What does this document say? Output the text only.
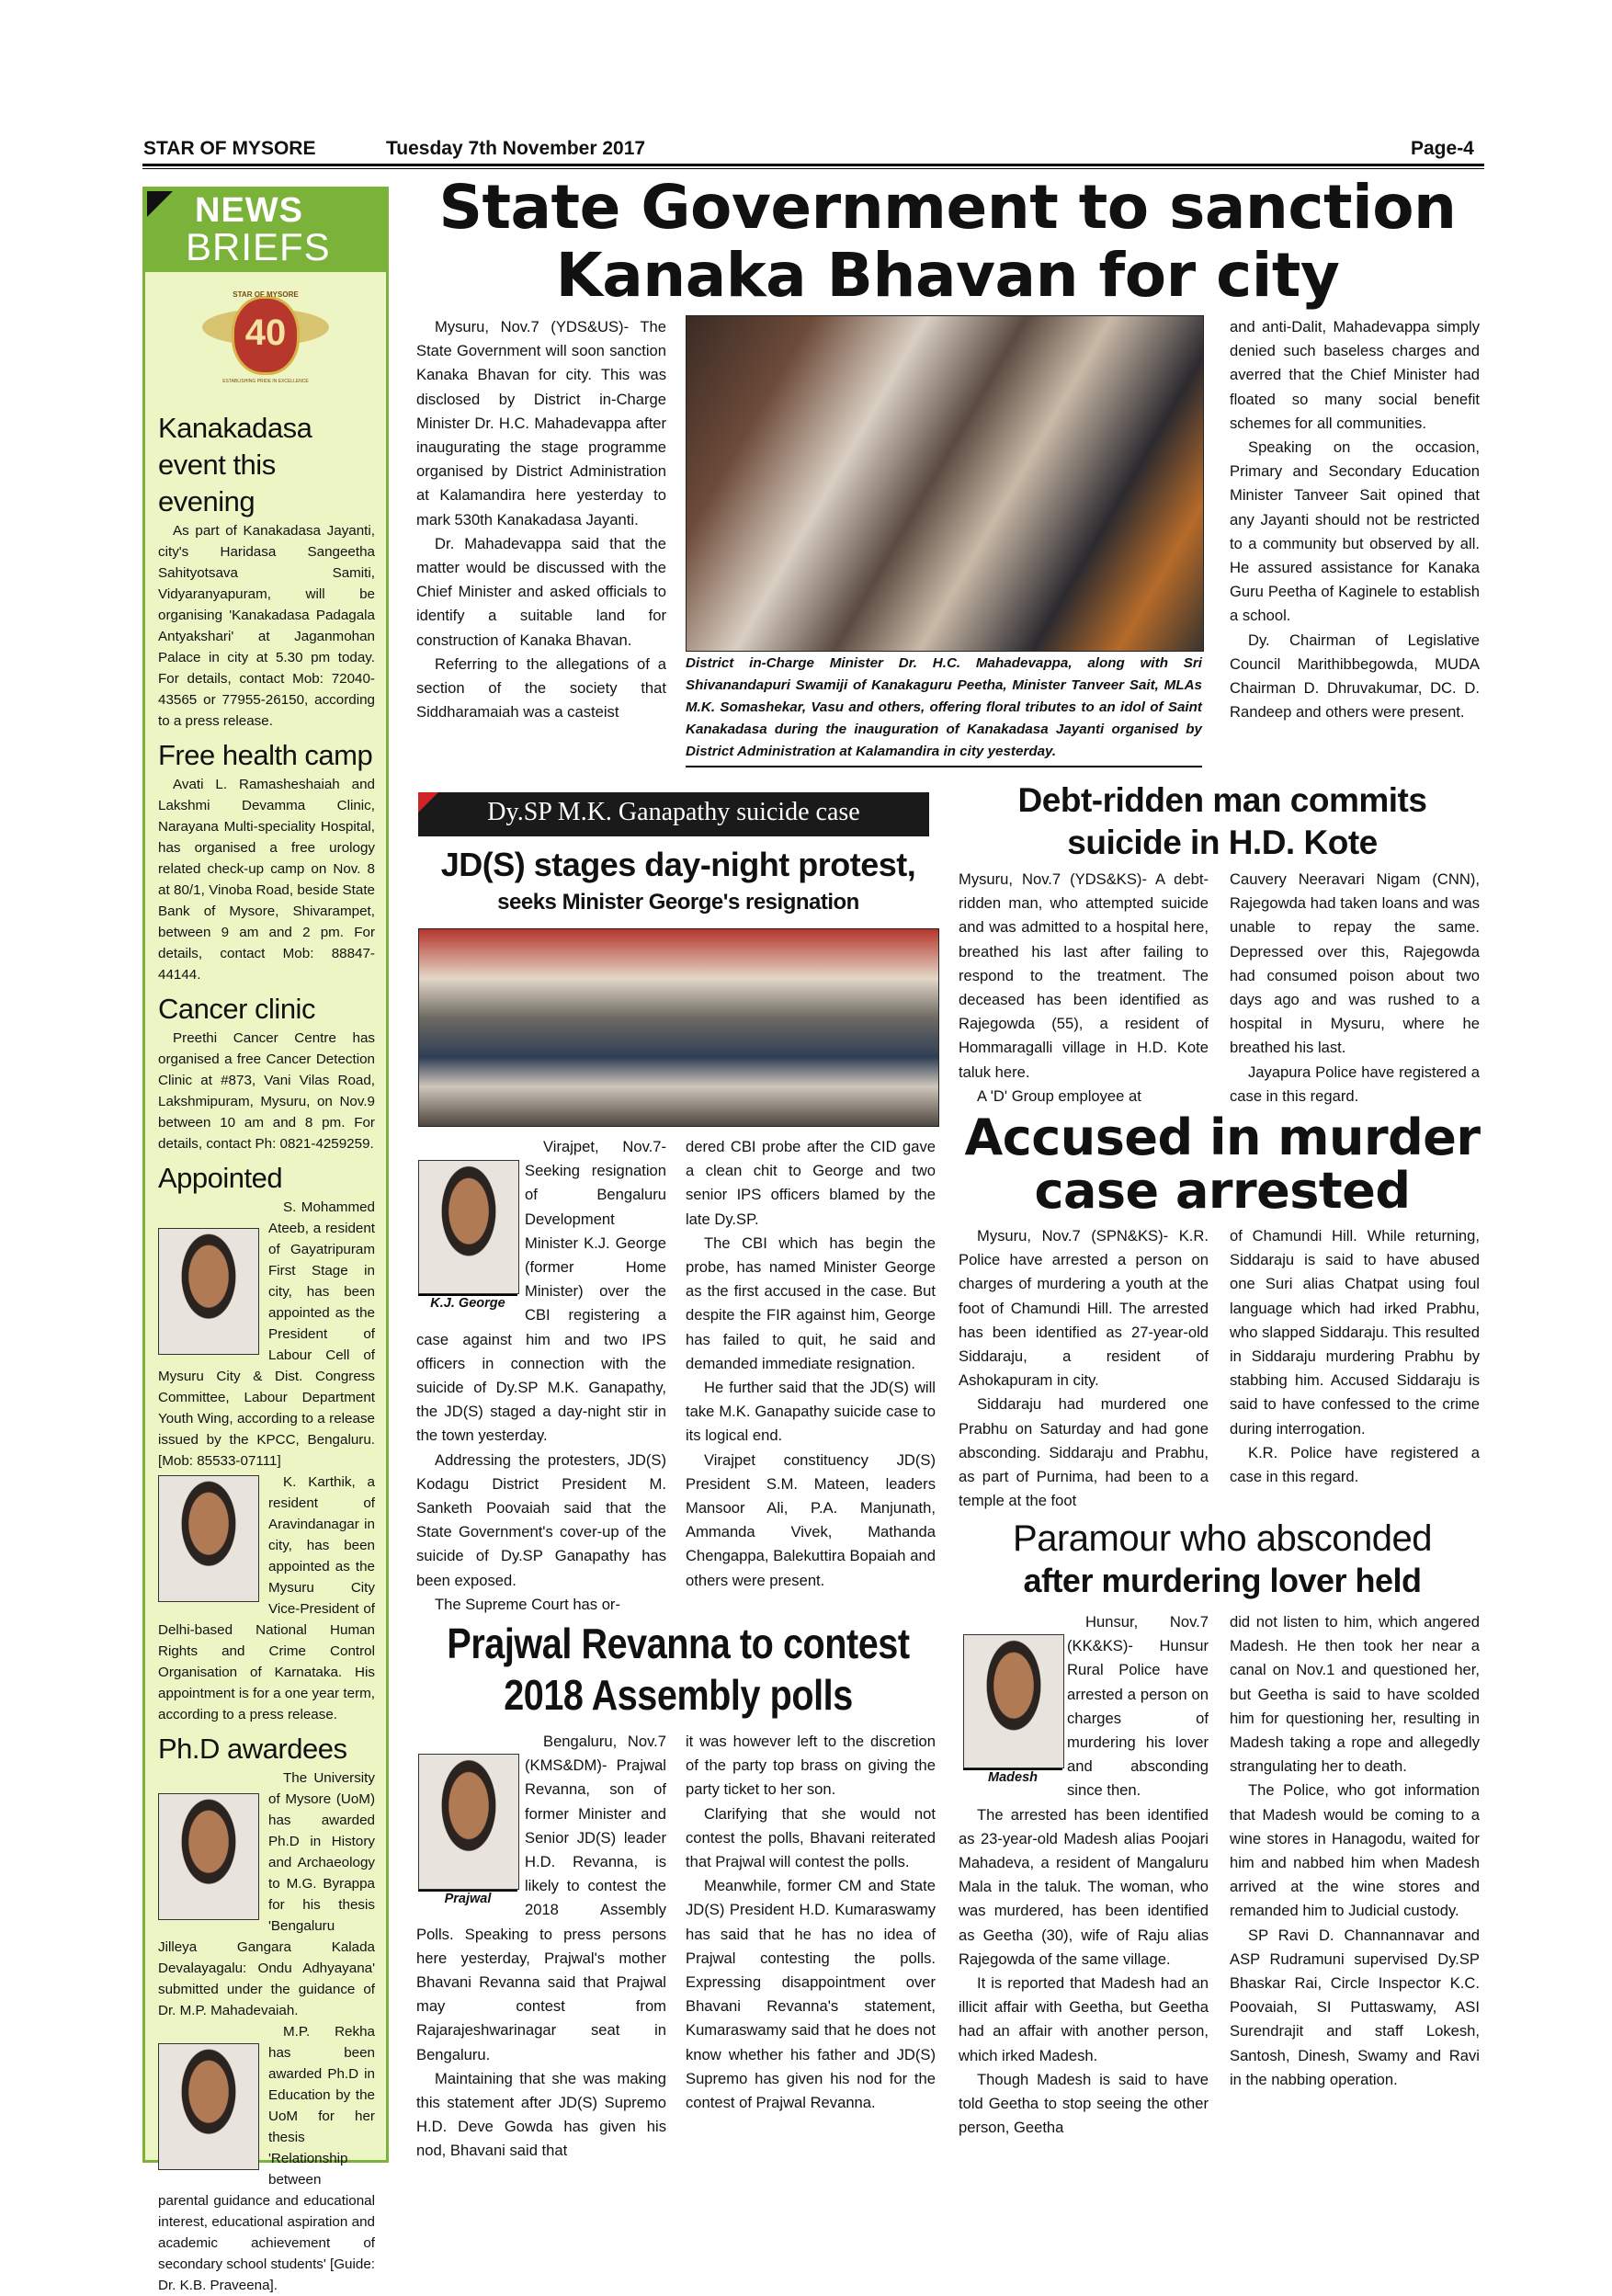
STAR OF MYSORE	Tuesday 7th November 2017	Page-4
NEWS
BRIEFS
STAR OF MYSORE
40
ESTABLISHING PRIDE IN EXCELLENCE
Kanakadasa event this evening

As part of Kanakadasa Jayanti, city's Haridasa Sangeetha Sahityotsava Samiti, Vidyaranyapuram, will be organising 'Kanakadasa Padagala Antyakshari' at Jaganmohan Palace in city at 5.30 pm today. For details, contact Mob: 72040-43565 or 77955-26150, according to a press release.

Free health camp

Avati L. Ramasheshaiah and Lakshmi Devamma Clinic, Narayana Multi-speciality Hospital, has organised a free urology related check-up camp on Nov. 8 at 80/1, Vinoba Road, beside State Bank of Mysore, Shivarampet, between 9 am and 2 pm. For details, contact Mob: 88847-44144.

Cancer clinic

Preethi Cancer Centre has organised a free Cancer Detection Clinic at #873, Vani Vilas Road, Lakshmipuram, Mysuru, on Nov.9 between 10 am and 8 pm. For details, contact Ph: 0821-4259259.

Appointed

S. Mohammed Ateeb, a resident of Gayatripuram First Stage in city, has been appointed as the President of Labour Cell of Mysuru City & Dist. Congress Committee, Labour Department Youth Wing, according to a release issued by the KPCC, Bengaluru. [Mob: 85533-07111]

K. Karthik, a resident of Aravindanagar in city, has been appointed as the Mysuru City Vice-President of Delhi-based National Human Rights and Crime Control Organisation of Karnataka. His appointment is for a one year term, according to a press release.

Ph.D awardees

The University of Mysore (UoM) has awarded Ph.D in History and Archaeology to M.G. Byrappa for his thesis 'Bengaluru Jilleya Gangara Kalada Devalayagalu: Ondu Adhyayana' submitted under the guidance of Dr. M.P. Mahadevaiah.

M.P. Rekha has been awarded Ph.D in Education by the UoM for her thesis 'Relationship between parental guidance and educational interest, educational aspiration and academic achievement of secondary school students' [Guide: Dr. K.B. Praveena].

State Government to sanction
Kanaka Bhavan for city

Mysuru, Nov.7 (YDS&US)- The State Government will soon sanction Kanaka Bhavan for city. This was disclosed by District in-Charge Minister Dr. H.C. Mahadevappa after inaugurating the stage programme organised by District Administration at Kalamandira here yesterday to mark 530th Kanakadasa Jayanti.

Dr. Mahadevappa said that the matter would be discussed with the Chief Minister and asked officials to identify a suitable land for construction of Kanaka Bhavan.

Referring to the allegations of a section of the society that Siddharamaiah was a casteist

District in-Charge Minister Dr. H.C. Mahadevappa, along with Sri Shivanandapuri Swamiji of Kanakaguru Peetha, Minister Tanveer Sait, MLAs M.K. Somashekar, Vasu and others, offering floral tributes to an idol of Saint Kanakadasa during the inauguration of Kanakadasa Jayanti organised by District Administration at Kalamandira in city yesterday.

and anti-Dalit, Mahadevappa simply denied such baseless charges and averred that the Chief Minister had floated so many social benefit schemes for all communities.

Speaking on the occasion, Primary and Secondary Education Minister Tanveer Sait opined that any Jayanti should not be restricted to a community but observed by all. He assured assistance for Kanaka Guru Peetha of Kaginele to establish a school.

Dy. Chairman of Legislative Council Marithibbegowda, MUDA Chairman D. Dhruvakumar, DC. D. Randeep and others were present.

Dy.SP M.K. Ganapathy suicide case
JD(S) stages day-night protest,
seeks Minister George's resignation
K.J. George

Virajpet, Nov.7- Seeking resignation of Bengaluru Development Minister K.J. George (former Home Minister) over the CBI registering a case against him and two IPS officers in connection with the suicide of Dy.SP M.K. Ganapathy, the JD(S) staged a day-night stir in the town yesterday.

Addressing the protesters, JD(S) Kodagu District President M. Sanketh Poovaiah said that the State Government's cover-up of the suicide of Dy.SP Ganapathy has been exposed.

The Supreme Court has or-

dered CBI probe after the CID gave a clean chit to George and two senior IPS officers blamed by the late Dy.SP.

The CBI which has begin the probe, has named Minister George as the first accused in the case. But despite the FIR against him, George has failed to quit, he said and demanded immediate resignation.

He further said that the JD(S) will take M.K. Ganapathy suicide case to its logical end.

Virajpet constituency JD(S) President S.M. Mateen, leaders Mansoor Ali, P.A. Manjunath, Ammanda Vivek, Mathanda Chengappa, Balekuttira Bopaiah and others were present.

Prajwal Revanna to contest
2018 Assembly polls
Prajwal

Bengaluru, Nov.7 (KMS&DM)- Prajwal Revanna, son of former Minister and Senior JD(S) leader H.D. Revanna, is likely to contest the 2018 Assembly Polls. Speaking to press persons here yesterday, Prajwal's mother Bhavani Revanna said that Prajwal may contest from Rajarajeshwarinagar seat in Bengaluru.

Maintaining that she was making this statement after JD(S) Supremo H.D. Deve Gowda has given his nod, Bhavani said that

it was however left to the discretion of the party top brass on giving the party ticket to her son.

Clarifying that she would not contest the polls, Bhavani reiterated that Prajwal will contest the polls.

Meanwhile, former CM and State JD(S) President H.D. Kumaraswamy has said that he has no idea of Prajwal contesting the polls. Expressing disappointment over Bhavani Revanna's statement, Kumaraswamy said that he does not know whether his father and JD(S) Supremo has given his nod for the contest of Prajwal Revanna.

Debt-ridden man commits
suicide in H.D. Kote

Mysuru, Nov.7 (YDS&KS)- A debt-ridden man, who attempted suicide and was admitted to a hospital here, breathed his last after failing to respond to the treatment. The deceased has been identified as Rajegowda (55), a resident of Hommaragalli village in H.D. Kote taluk here.

A 'D' Group employee at

Cauvery Neeravari Nigam (CNN), Rajegowda had taken loans and was unable to repay the same. Depressed over this, Rajegowda had consumed poison about two days ago and was rushed to a hospital in Mysuru, where he breathed his last.

Jayapura Police have registered a case in this regard.

Accused in murder
case arrested

Mysuru, Nov.7 (SPN&KS)- K.R. Police have arrested a person on charges of murdering a youth at the foot of Chamundi Hill. The arrested has been identified as 27-year-old Siddaraju, a resident of Ashokapuram in city.

Siddaraju had murdered one Prabhu on Saturday and had gone absconding. Siddaraju and Prabhu, as part of Purnima, had been to a temple at the foot

of Chamundi Hill. While returning, Siddaraju is said to have abused one Suri alias Chatpat using foul language which had irked Prabhu, who slapped Siddaraju. This resulted in Siddaraju murdering Prabhu by stabbing him. Accused Siddaraju is said to have confessed to the crime during interrogation.

K.R. Police have registered a case in this regard.

Paramour who absconded
after murdering lover held
Madesh

Hunsur, Nov.7 (KK&KS)- Hunsur Rural Police have arrested a person on charges of murdering his lover and absconding since then.

The arrested has been identified as 23-year-old Madesh alias Poojari Mahadeva, a resident of Mangaluru Mala in the taluk. The woman, who was murdered, has been identified as Geetha (30), wife of Raju alias Rajegowda of the same village.

It is reported that Madesh had an illicit affair with Geetha, but Geetha had an affair with another person, which irked Madesh.

Though Madesh is said to have told Geetha to stop seeing the other person, Geetha

did not listen to him, which angered Madesh. He then took her near a canal on Nov.1 and questioned her, but Geetha is said to have scolded him for questioning her, resulting in Madesh taking a rope and allegedly strangulating her to death.

The Police, who got information that Madesh would be coming to a wine stores in Hanagodu, waited for him and nabbed him when Madesh arrived at the wine stores and remanded him to Judicial custody.

SP Ravi D. Channannavar and ASP Rudramuni supervised Dy.SP Bhaskar Rai, Circle Inspector K.C. Poovaiah, SI Puttaswamy, ASI Surendrajit and staff Lokesh, Santosh, Dinesh, Swamy and Ravi in the nabbing operation.
